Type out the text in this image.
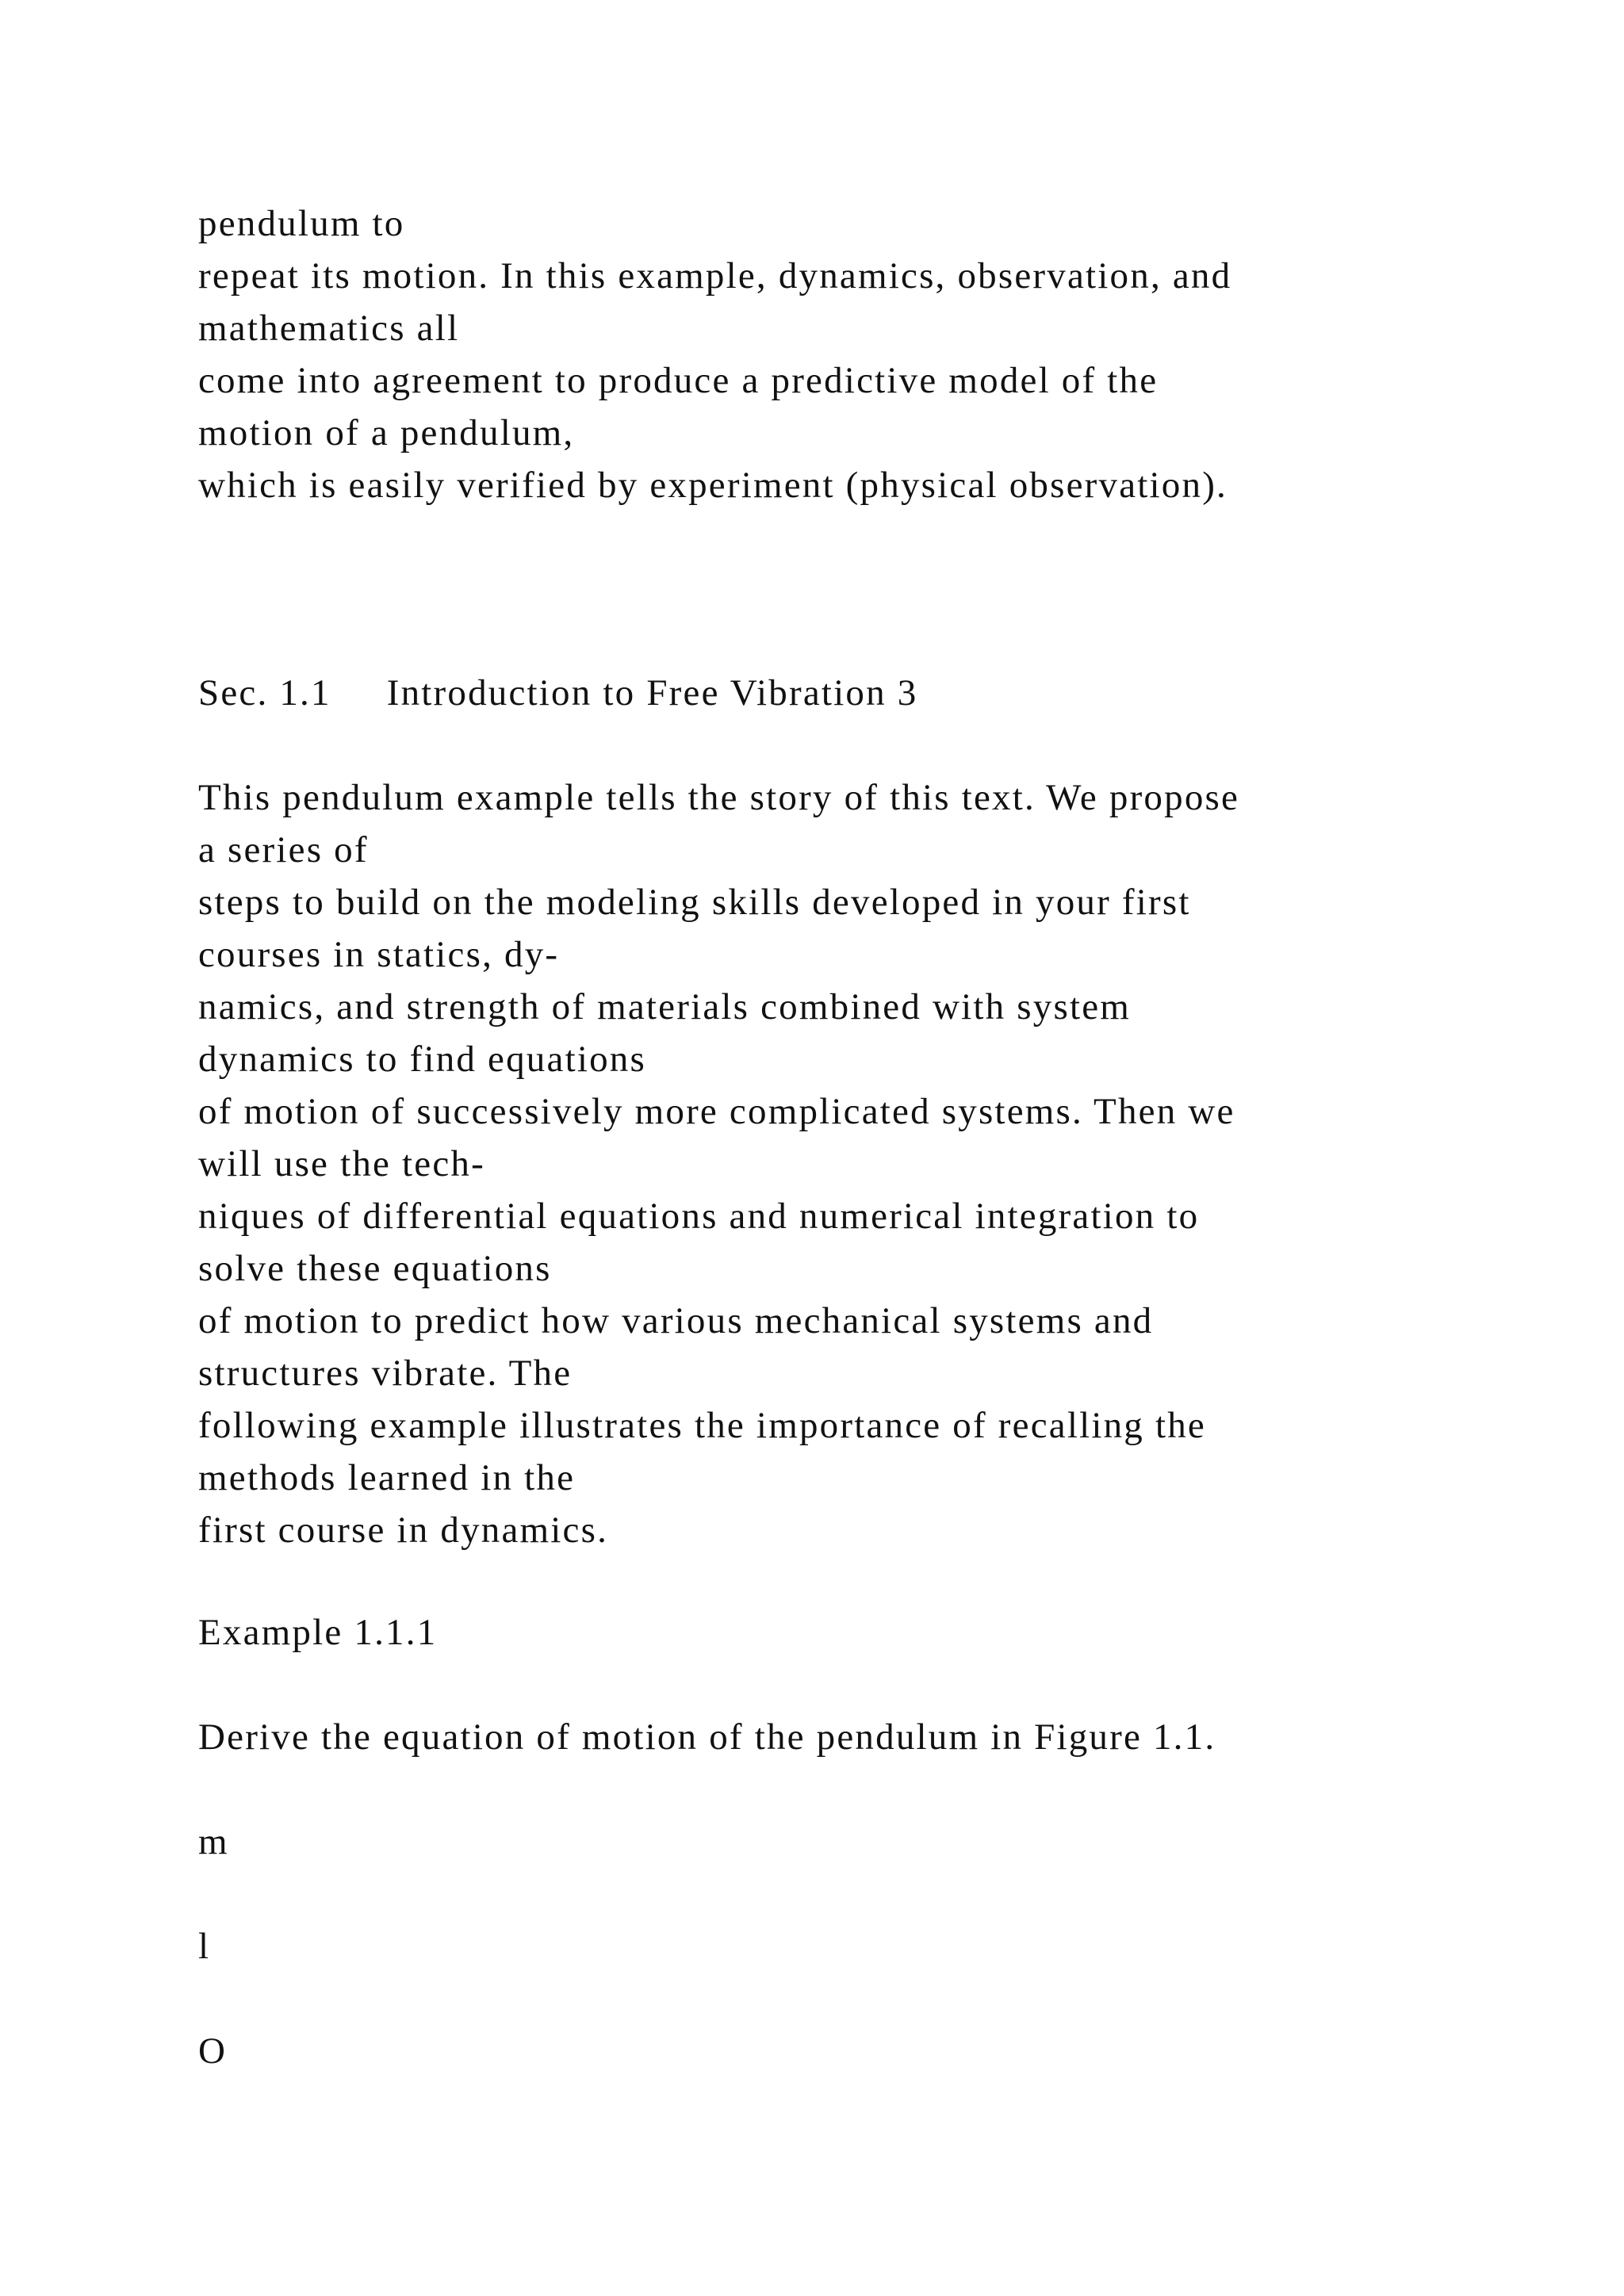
pendulum to
repeat its motion. In this example, dynamics, observation, and
mathematics all
come into agreement to produce a predictive model of the
motion of a pendulum,
which is easily verified by experiment (physical observation).
Sec. 1.1 Introduction to Free Vibration 3
This pendulum example tells the story of this text. We propose
a series of
steps to build on the modeling skills developed in your first
courses in statics, dy-
namics, and strength of materials combined with system
dynamics to find equations
of motion of successively more complicated systems. Then we
will use the tech-
niques of differential equations and numerical integration to
solve these equations
of motion to predict how various mechanical systems and
structures vibrate. The
following example illustrates the importance of recalling the
methods learned in the
first course in dynamics.
Example 1.1.1
Derive the equation of motion of the pendulum in Figure 1.1.
m
l
O
